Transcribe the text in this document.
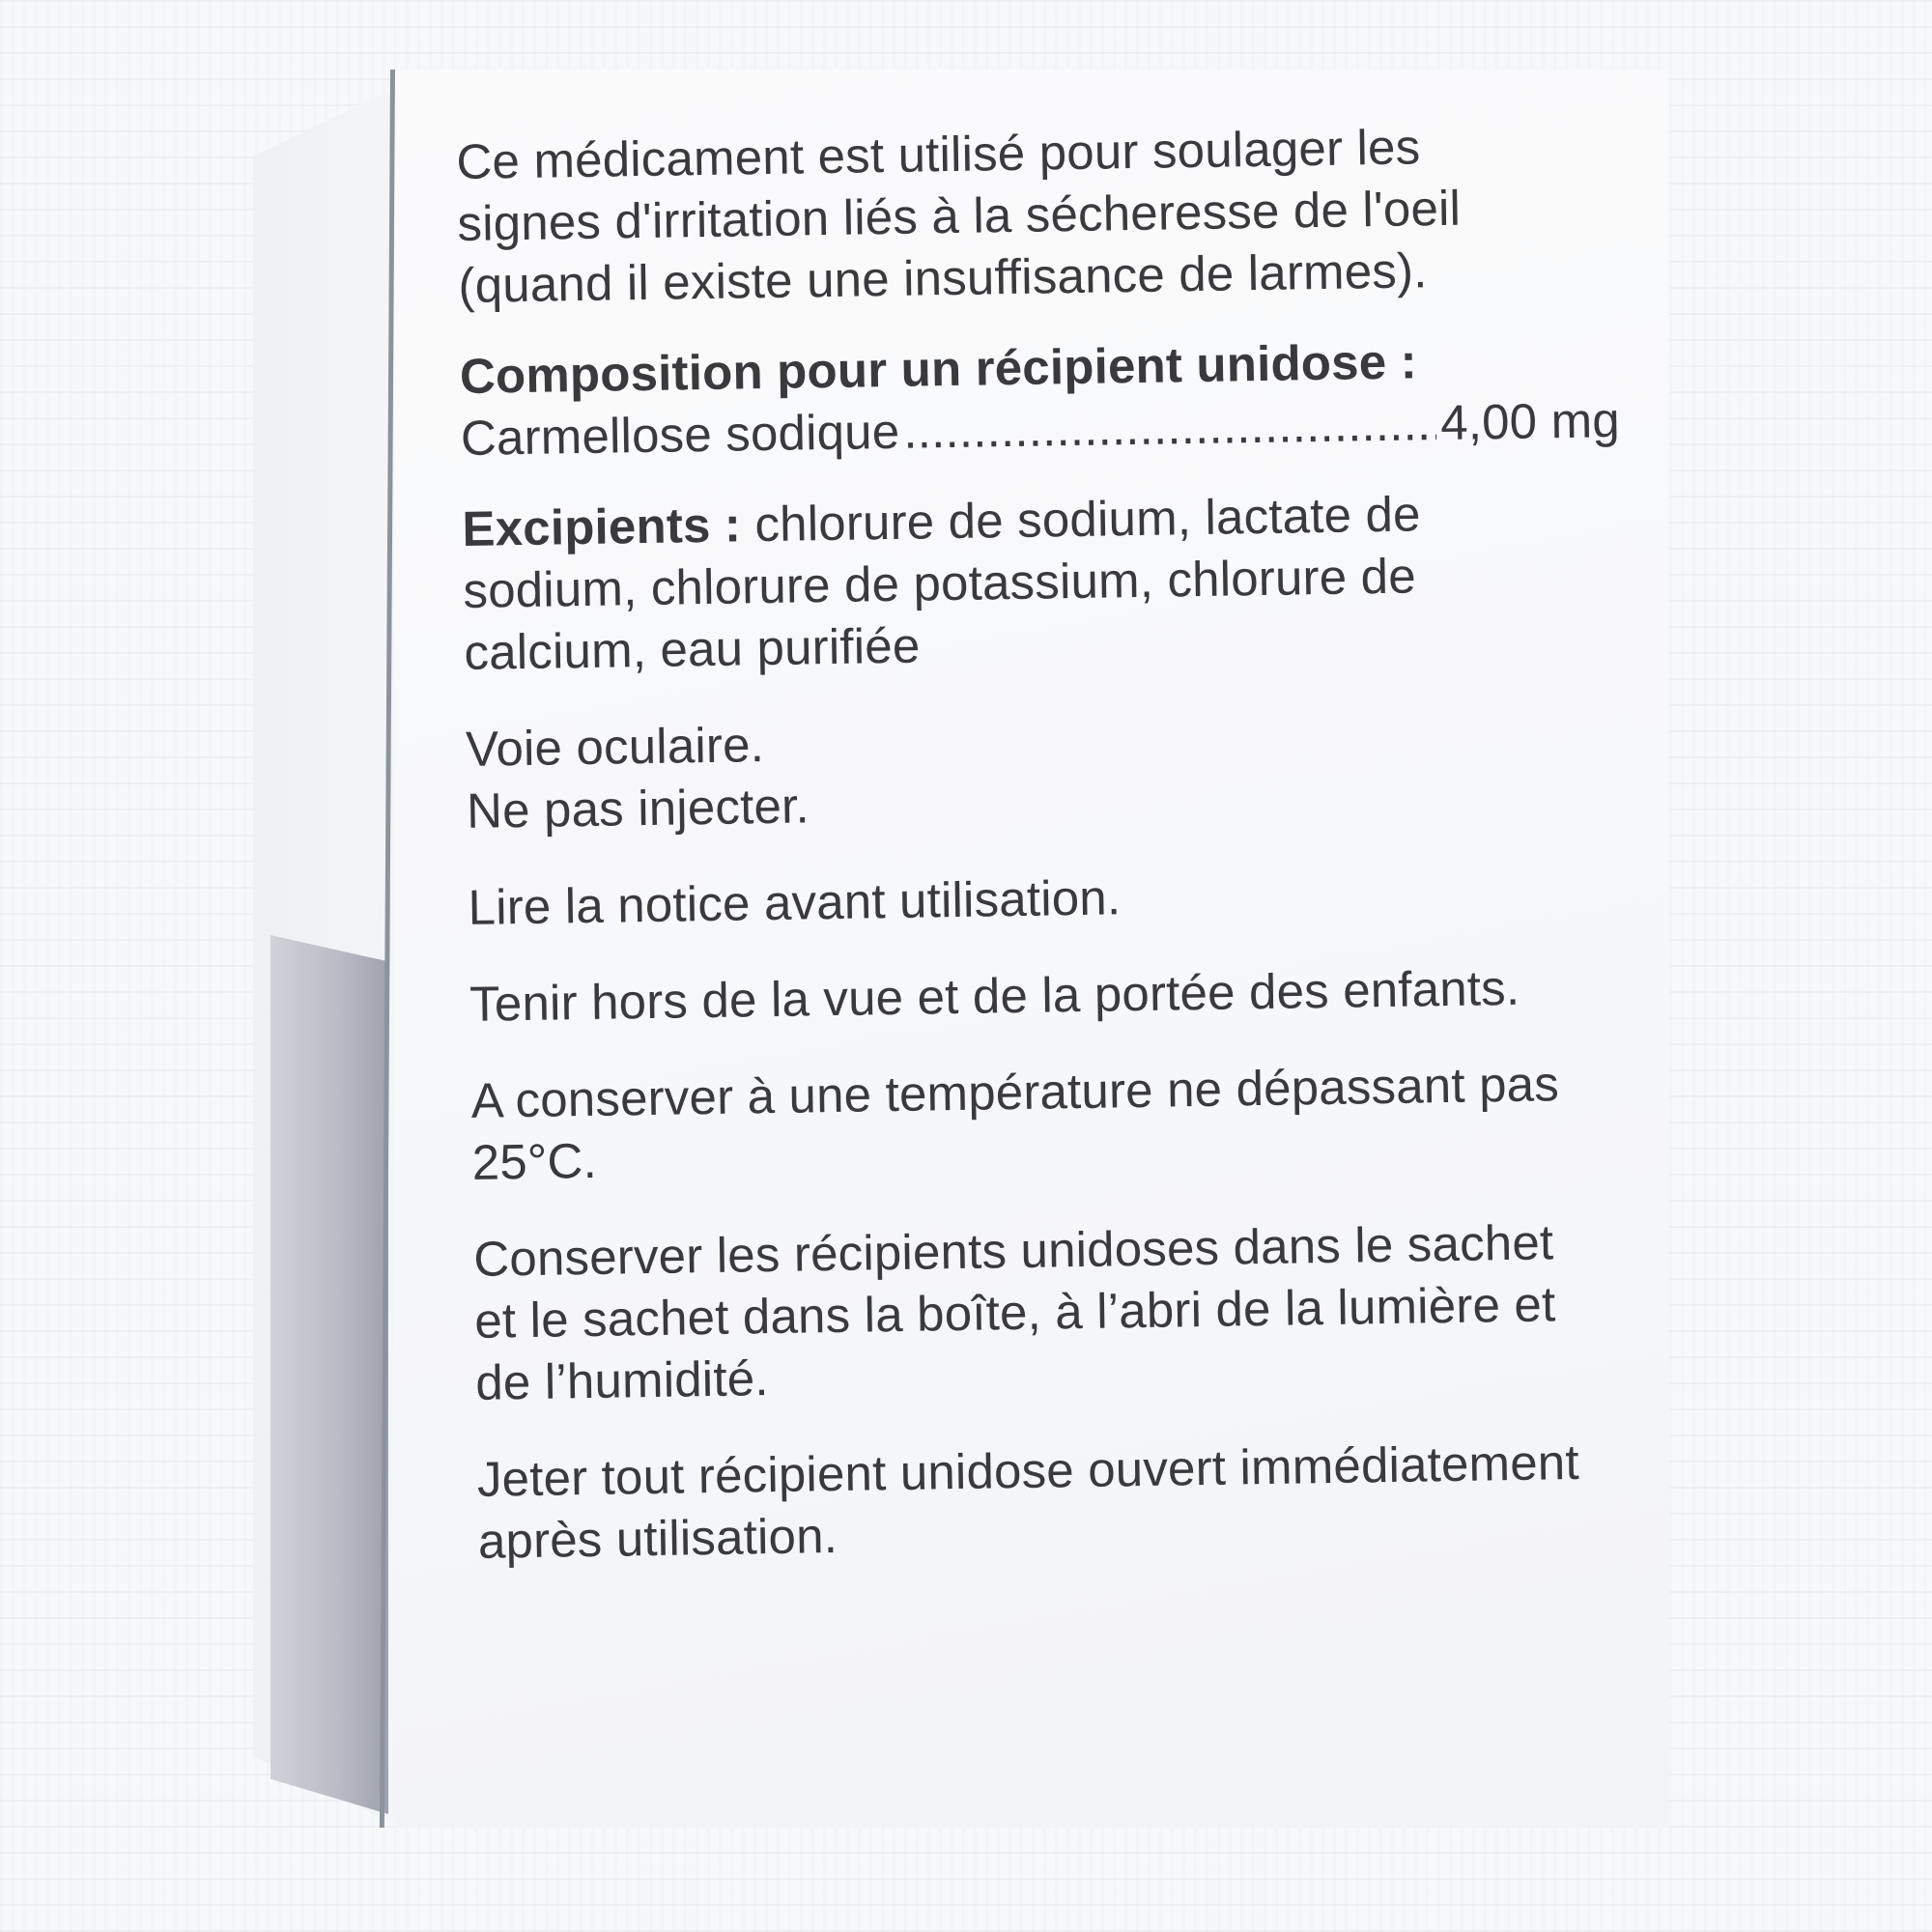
Ce médicament est utilisé pour soulager les

signes d'irritation liés à la sécheresse de l'oeil

(quand il existe une insuffisance de larmes).

Composition pour un récipient unidose :

Carmellose sodique
.....	4,00 mg

Excipients : chlorure de sodium, lactate de

sodium, chlorure de potassium, chlorure de

calcium, eau purifiée

Voie oculaire.

Ne pas injecter.

Lire la notice avant utilisation.

Tenir hors de la vue et de la portée des enfants.

A conserver à une température ne dépassant pas

25°C.

Conserver les récipients unidoses dans le sachet

et le sachet dans la boîte, à l’abri de la lumière et

de l’humidité.

Jeter tout récipient unidose ouvert immédiatement

après utilisation.
